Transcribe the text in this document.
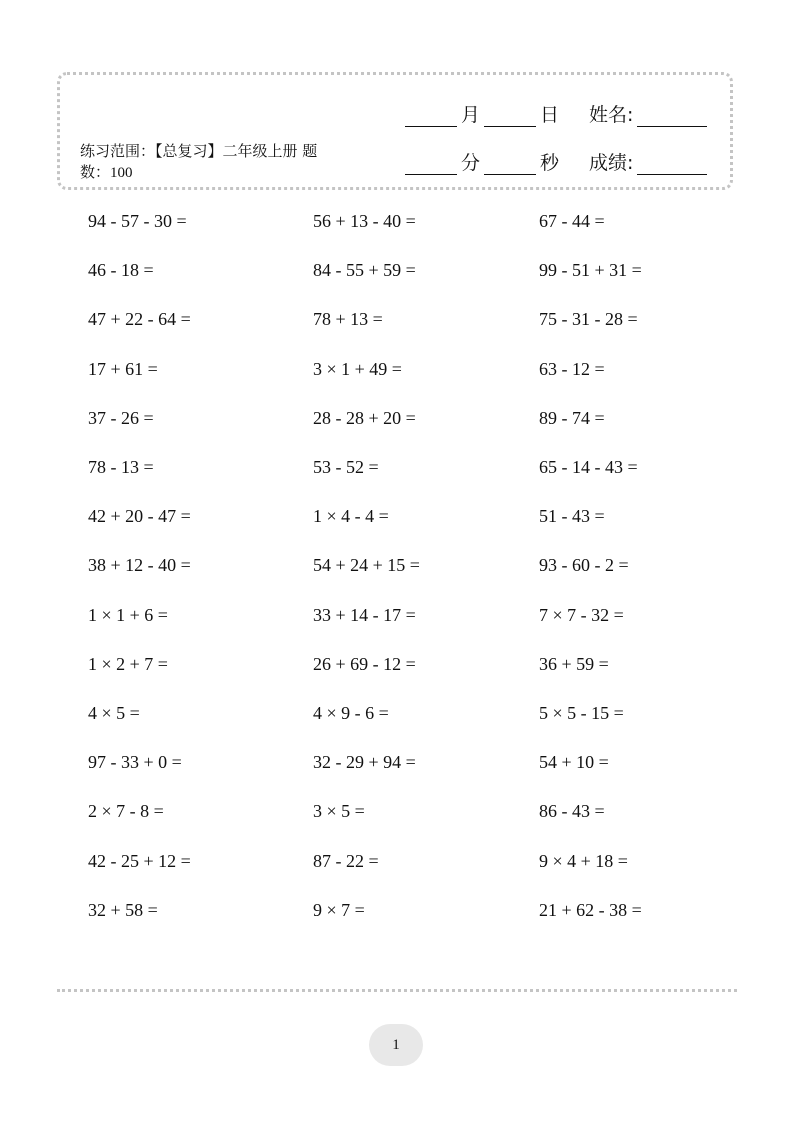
练习范围：【总复习】二年级上册 题数：100
月	日 姓名:
分	秒 成绩:
94 - 57 - 30 =	56 + 13 - 40 =	67 - 44 =
46 - 18 =	84 - 55 + 59 =	99 - 51 + 31 =
47 + 22 - 64 =	78 + 13 =	75 - 31 - 28 =
17 + 61 =	3 × 1 + 49 =	63 - 12 =
37 - 26 =	28 - 28 + 20 =	89 - 74 =
78 - 13 =	53 - 52 =	65 - 14 - 43 =
42 + 20 - 47 =	1 × 4 - 4 =	51 - 43 =
38 + 12 - 40 =	54 + 24 + 15 =	93 - 60 - 2 =
1 × 1 + 6 =	33 + 14 - 17 =	7 × 7 - 32 =
1 × 2 + 7 =	26 + 69 - 12 =	36 + 59 =
4 × 5 =	4 × 9 - 6 =	5 × 5 - 15 =
97 - 33 + 0 =	32 - 29 + 94 =	54 + 10 =
2 × 7 - 8 =	3 × 5 =	86 - 43 =
42 - 25 + 12 =	87 - 22 =	9 × 4 + 18 =
32 + 58 =	9 × 7 =	21 + 62 - 38 =
1
